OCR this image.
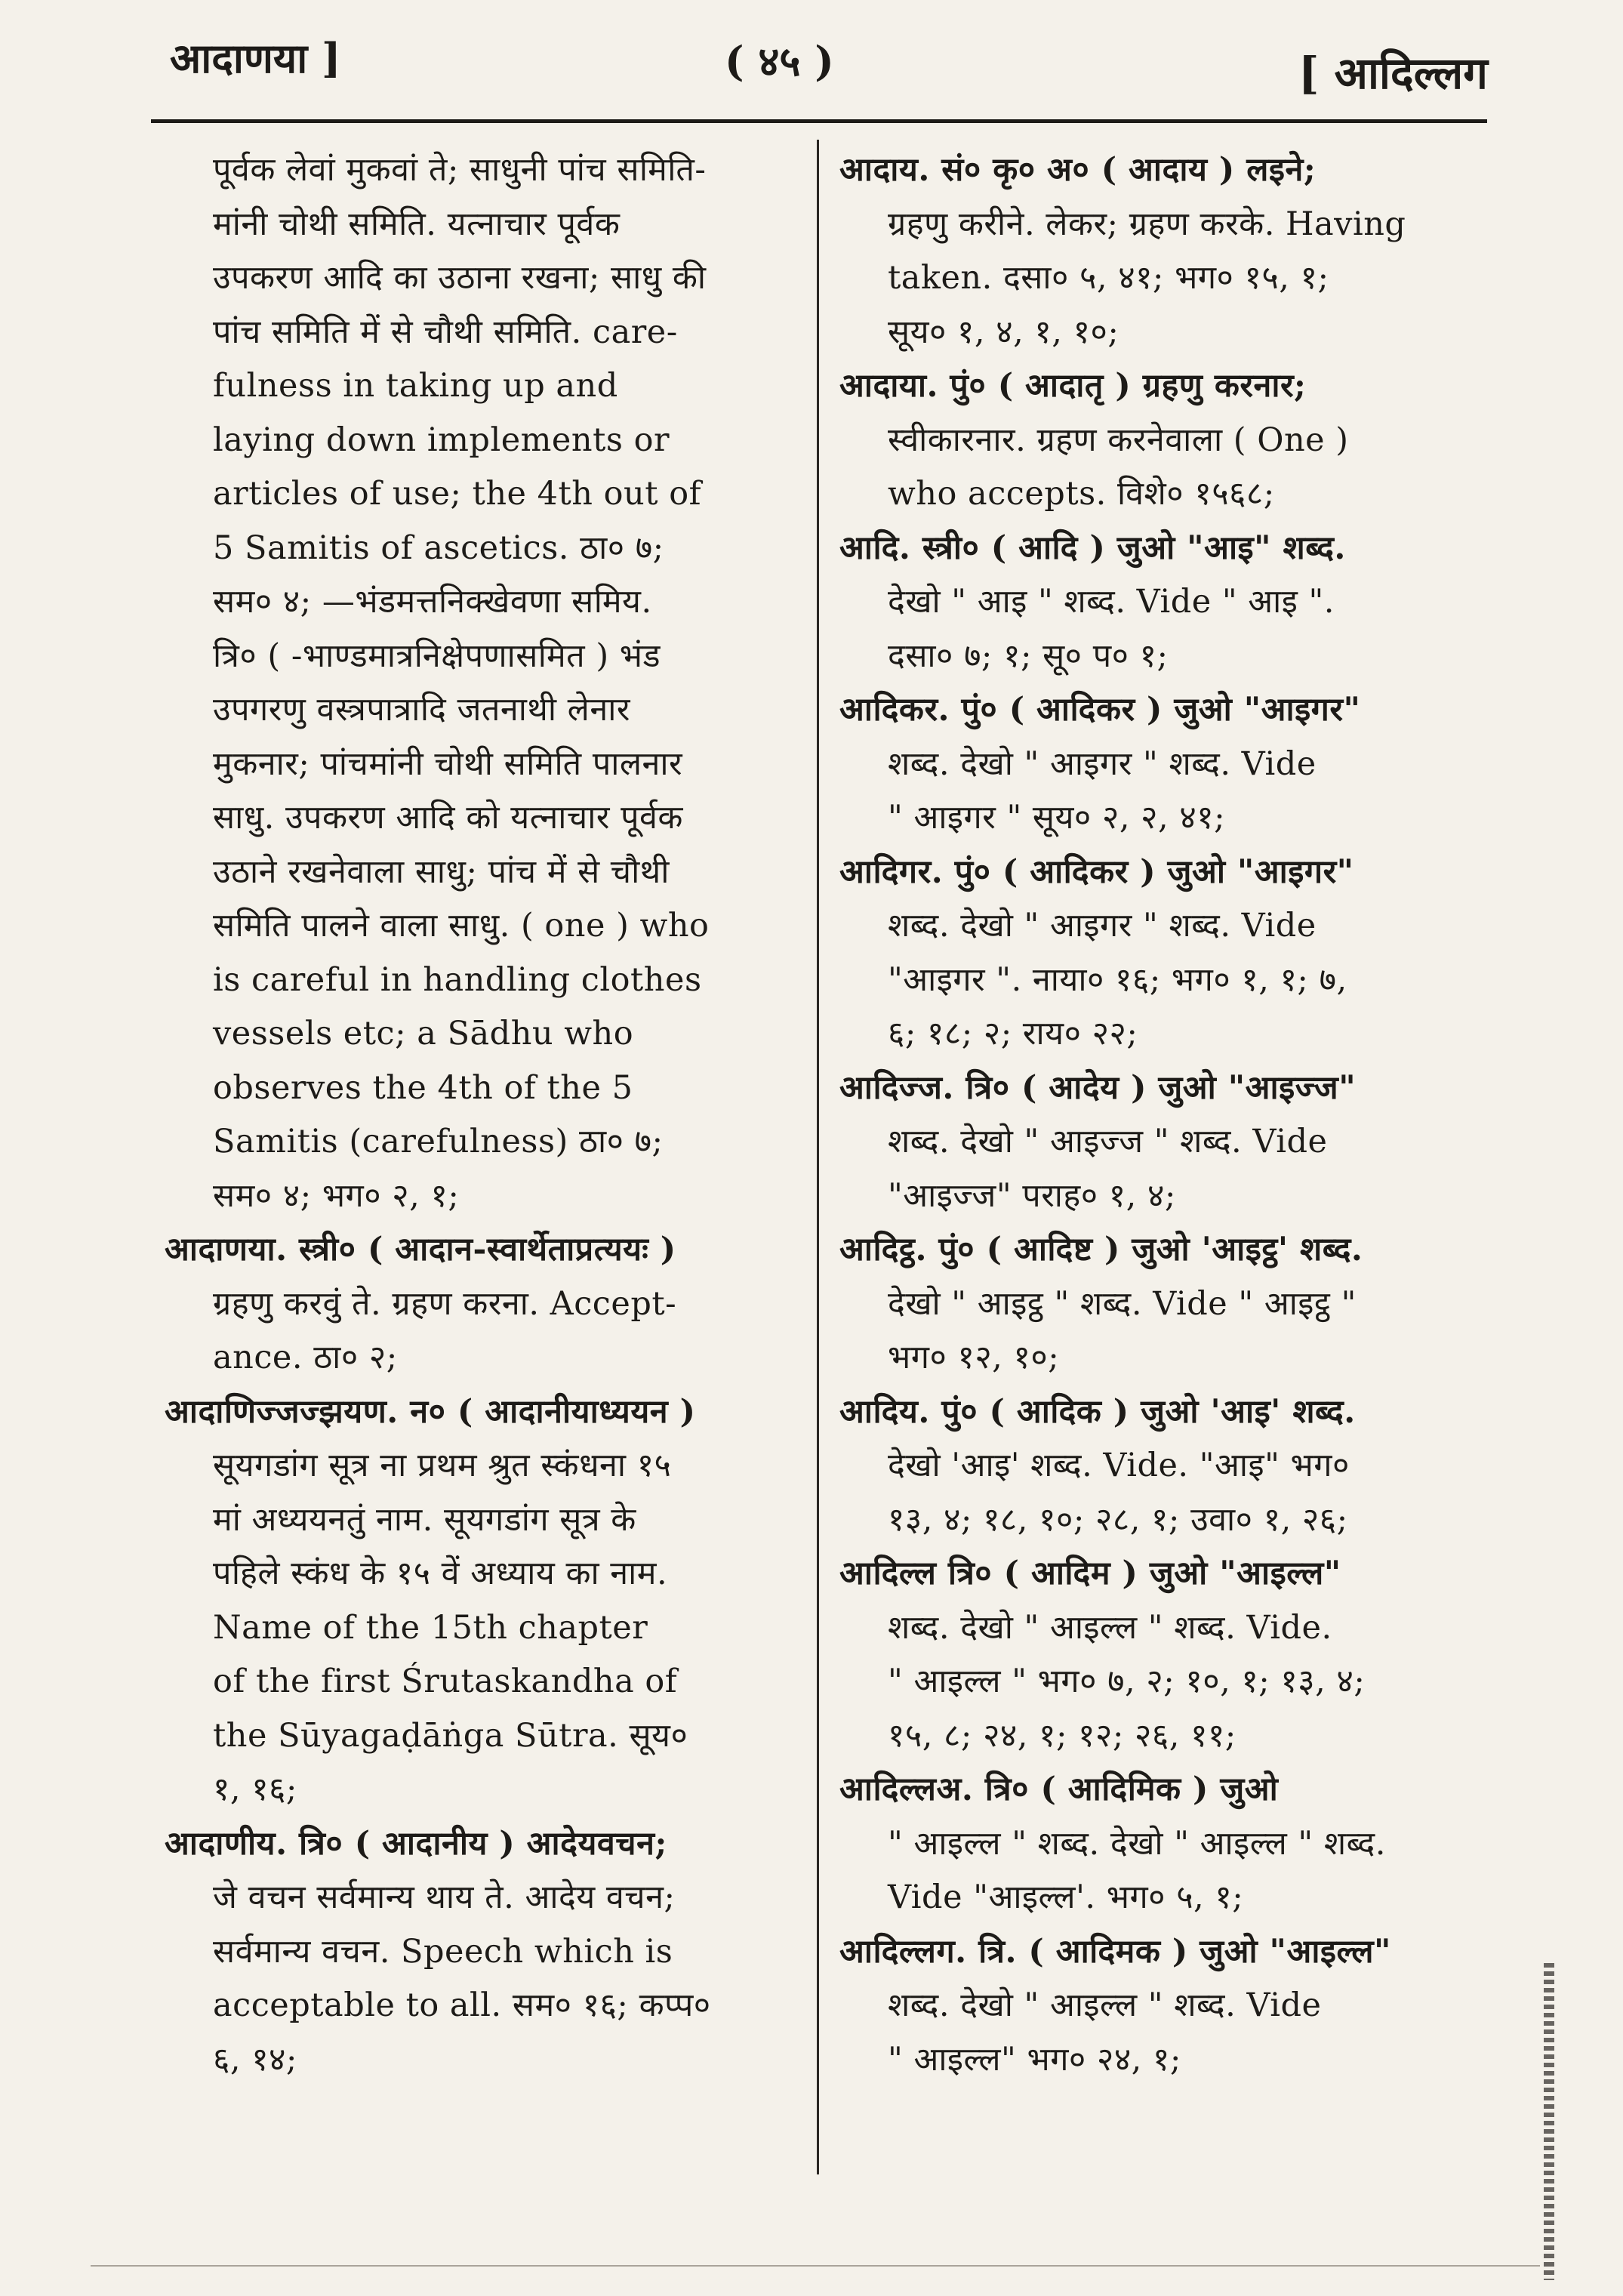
आदाणया ]	( ४५ )	[ आदिल्लग
पूर्वक लेवां मुकवां ते; साधुनी पांच समिति-
मांनी चोथी समिति. यत्नाचार पूर्वक
उपकरण आदि का उठाना रखना; साधु की
पांच समिति में से चौथी समिति. care-
fulness in taking up and
laying down implements or
articles of use; the 4th out of
5 Samitis of ascetics. ठा० ७;
सम० ४; —भंडमत्तनिक्खेवणा समिय.
त्रि० ( -भाण्डमात्रनिक्षेपणासमित ) भंड
उपगरणु वस्त्रपात्रादि जतनाथी लेनार
मुकनार; पांचमांनी चोथी समिति पालनार
साधु. उपकरण आदि को यत्नाचार पूर्वक
उठाने रखनेवाला साधु; पांच में से चौथी
समिति पालने वाला साधु. ( one ) who
is careful in handling clothes
vessels etc; a Sādhu who
observes the 4th of the 5
Samitis (carefulness) ठा० ७;
सम० ४; भग० २, १;
आदाणया. स्त्री० ( आदान-स्वार्थेताप्रत्ययः )
ग्रहणु करवुं ते. ग्रहण करना. Accept-
ance. ठा० २;
आदाणिज्जज्झयण. न० ( आदानीयाध्ययन )
सूयगडांग सूत्र ना प्रथम श्रुत स्कंधना १५
मां अध्ययनतुं नाम. सूयगडांग सूत्र के
पहिले स्कंध के १५ वें अध्याय का नाम.
Name of the 15th chapter
of the first Śrutaskandha of
the Sūyagaḍāṅga Sūtra. सूय०
१, १६;
आदाणीय. त्रि० ( आदानीय ) आदेयवचन;
जे वचन सर्वमान्य थाय ते. आदेय वचन;
सर्वमान्य वचन. Speech which is
acceptable to all. सम० १६; कप्प०
६, १४;
आदाय. सं० कृ० अ० ( आदाय ) लइने;
ग्रहणु करीने. लेकर; ग्रहण करके. Having
taken. दसा० ५, ४१; भग० १५, १;
सूय० १, ४, १, १०;
आदाया. पुं० ( आदातृ ) ग्रहणु करनार;
स्वीकारनार. ग्रहण करनेवाला ( One )
who accepts. विशे० १५६८;
आदि. स्त्री० ( आदि ) जुओ "आइ" शब्द.
देखो " आइ " शब्द. Vide " आइ ".
दसा० ७; १; सू० प० १;
आदिकर. पुं० ( आदिकर ) जुओ "आइगर"
शब्द. देखो " आइगर " शब्द. Vide
" आइगर " सूय० २, २, ४१;
आदिगर. पुं० ( आदिकर ) जुओ "आइगर"
शब्द. देखो " आइगर " शब्द. Vide
"आइगर ". नाया० १६; भग० १, १; ७,
६; १८; २; राय० २२;
आदिज्ज. त्रि० ( आदेय ) जुओ "आइज्ज"
शब्द. देखो " आइज्ज " शब्द. Vide
"आइज्ज" पराह० १, ४;
आदिट्ठ. पुं० ( आदिष्ट ) जुओ 'आइट्ठ' शब्द.
देखो " आइट्ठ " शब्द. Vide " आइट्ठ "
भग० १२, १०;
आदिय. पुं० ( आदिक ) जुओ 'आइ' शब्द.
देखो 'आइ' शब्द. Vide. "आइ" भग०
१३, ४; १८, १०; २८, १; उवा० १, २६;
आदिल्ल त्रि० ( आदिम ) जुओ "आइल्ल"
शब्द. देखो " आइल्ल " शब्द. Vide.
" आइल्ल " भग० ७, २; १०, १; १३, ४;
१५, ८; २४, १; १२; २६, ११;
आदिल्लअ. त्रि० ( आदिमिक ) जुओ
" आइल्ल " शब्द. देखो " आइल्ल " शब्द.
Vide "आइल्ल'. भग० ५, १;
आदिल्लग. त्रि. ( आदिमक ) जुओ "आइल्ल"
शब्द. देखो " आइल्ल " शब्द. Vide
" आइल्ल" भग० २४, १;
